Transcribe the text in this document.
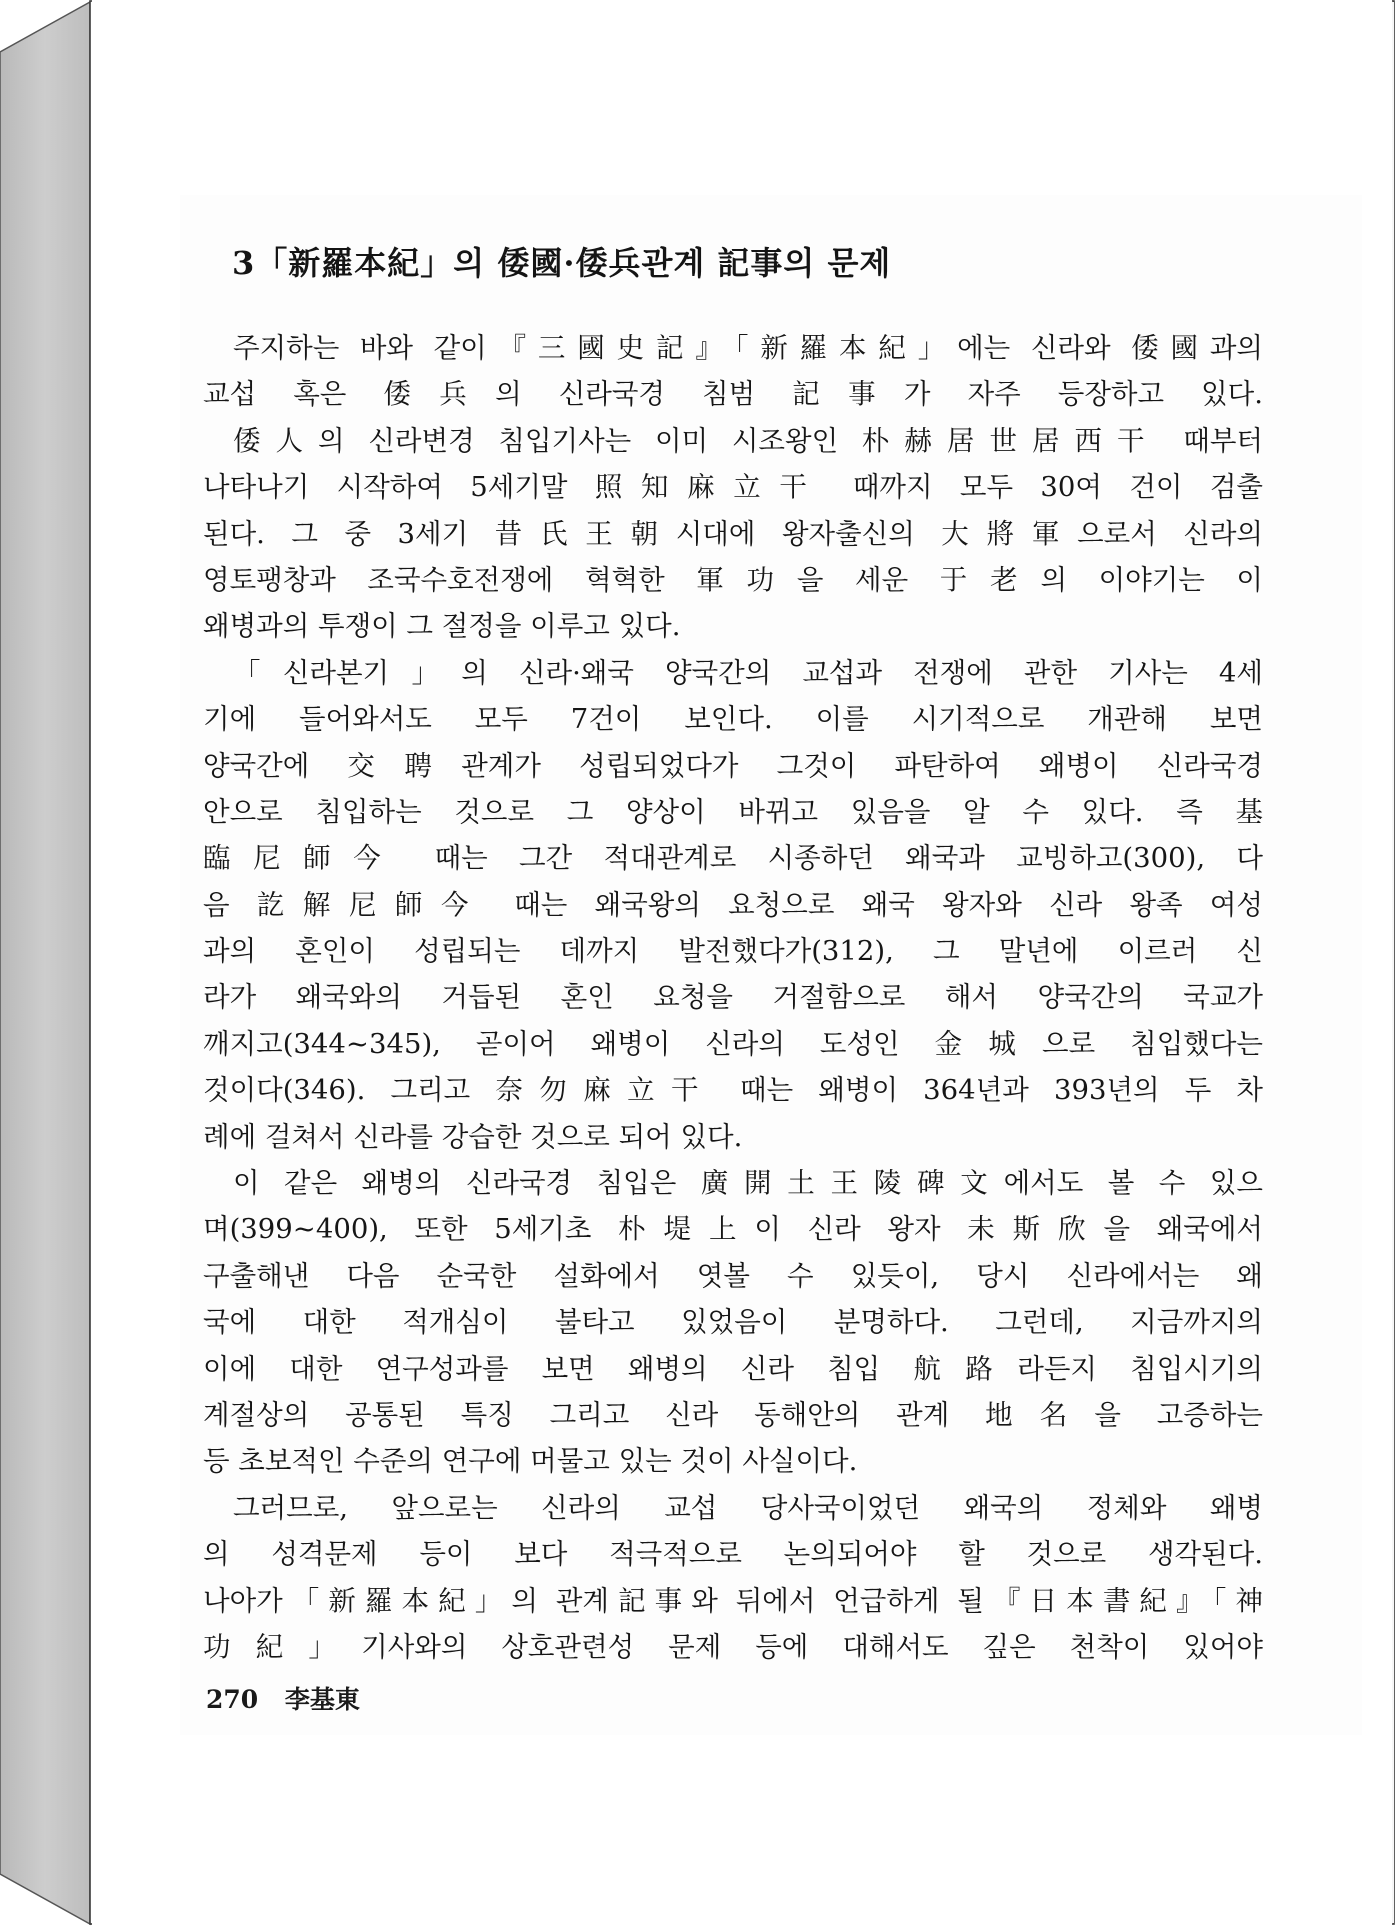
3「新羅本紀」의 倭國·倭兵관계 記事의 문제
주지하는 바와 같이『三國史記』「新羅本紀」에는 신라와 倭國과의
교섭 혹은 倭兵의 신라국경 침범 記事가 자주 등장하고 있다.
倭人의 신라변경 침입기사는 이미 시조왕인 朴赫居世居西干 때부터
나타나기 시작하여 5세기말 照知麻立干 때까지 모두 30여 건이 검출
된다. 그 중 3세기 昔氏王朝시대에 왕자출신의 大將軍으로서 신라의
영토팽창과 조국수호전쟁에 혁혁한 軍功을 세운 于老의 이야기는 이
왜병과의 투쟁이 그 절정을 이루고 있다.
「신라본기」의 신라·왜국 양국간의 교섭과 전쟁에 관한 기사는 4세
기에 들어와서도 모두 7건이 보인다. 이를 시기적으로 개관해 보면
양국간에 交聘관계가 성립되었다가 그것이 파탄하여 왜병이 신라국경
안으로 침입하는 것으로 그 양상이 바뀌고 있음을 알 수 있다. 즉 基
臨尼師今 때는 그간 적대관계로 시종하던 왜국과 교빙하고(300), 다
음 訖解尼師今 때는 왜국왕의 요청으로 왜국 왕자와 신라 왕족 여성
과의 혼인이 성립되는 데까지 발전했다가(312), 그 말년에 이르러 신
라가 왜국와의 거듭된 혼인 요청을 거절함으로 해서 양국간의 국교가
깨지고(344~345), 곧이어 왜병이 신라의 도성인 金城으로 침입했다는
것이다(346). 그리고 奈勿麻立干 때는 왜병이 364년과 393년의 두 차
례에 걸쳐서 신라를 강습한 것으로 되어 있다.
이 같은 왜병의 신라국경 침입은 廣開土王陵碑文에서도 볼 수 있으
며(399~400), 또한 5세기초 朴堤上이 신라 왕자 未斯欣을 왜국에서
구출해낸 다음 순국한 설화에서 엿볼 수 있듯이, 당시 신라에서는 왜
국에 대한 적개심이 불타고 있었음이 분명하다. 그런데, 지금까지의
이에 대한 연구성과를 보면 왜병의 신라 침입 航路라든지 침입시기의
계절상의 공통된 특징 그리고 신라 동해안의 관계 地名을 고증하는
등 초보적인 수준의 연구에 머물고 있는 것이 사실이다.
그러므로, 앞으로는 신라의 교섭 당사국이었던 왜국의 정체와 왜병
의 성격문제 등이 보다 적극적으로 논의되어야 할 것으로 생각된다.
나아가「新羅本紀」의 관계記事와 뒤에서 언급하게 될『日本書紀』「神
功紀」기사와의 상호관련성 문제 등에 대해서도 깊은 천착이 있어야
270 李基東
